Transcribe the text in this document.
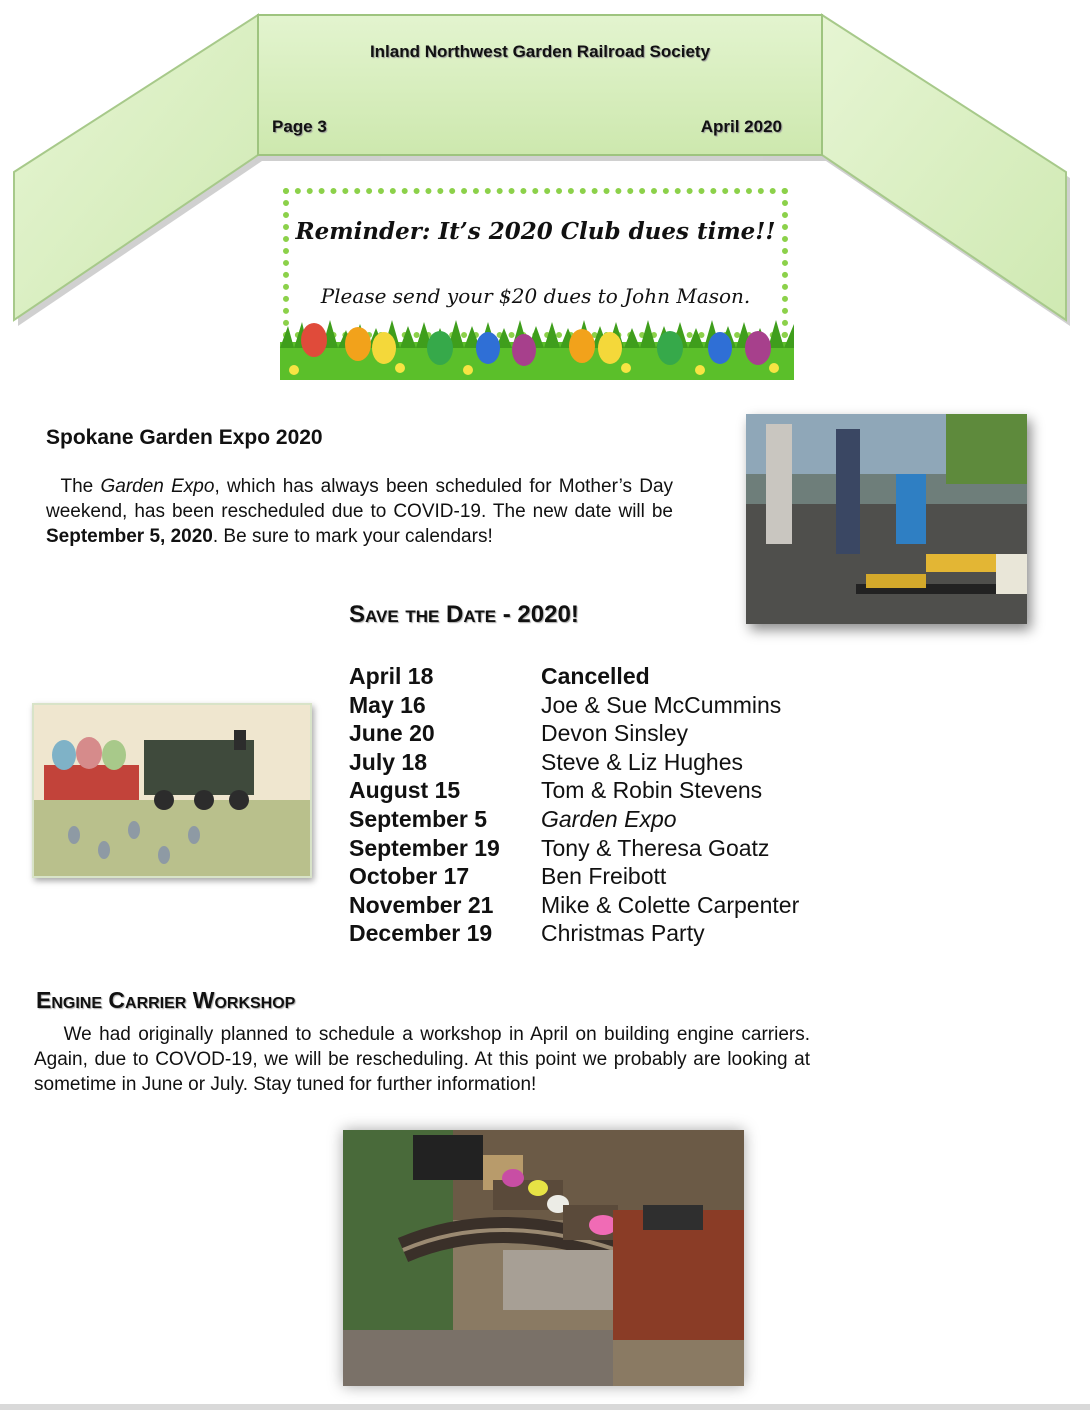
Inland Northwest Garden Railroad Society
Page 3	April 2020
Reminder: It’s 2020 Club dues time!!
Please send your $20 dues to John Mason.
Spokane Garden Expo 2020
The Garden Expo, which has always been scheduled for Mother’s Day weekend, has been rescheduled due to COVID-19. The new date will be September 5, 2020. Be sure to mark your calendars!
Save the Date - 2020!
April 18	Cancelled
May 16	Joe & Sue McCummins
June 20	Devon Sinsley
July 18	Steve & Liz Hughes
August 15	Tom & Robin Stevens
September 5	Garden Expo
September 19	Tony & Theresa Goatz
October 17	Ben Freibott
November 21	Mike & Colette Carpenter
December 19	Christmas Party
Engine Carrier Workshop
We had originally planned to schedule a workshop in April on building engine carriers. Again, due to COVOD-19, we will be rescheduling. At this point we probably are looking at sometime in June or July. Stay tuned for further information!
